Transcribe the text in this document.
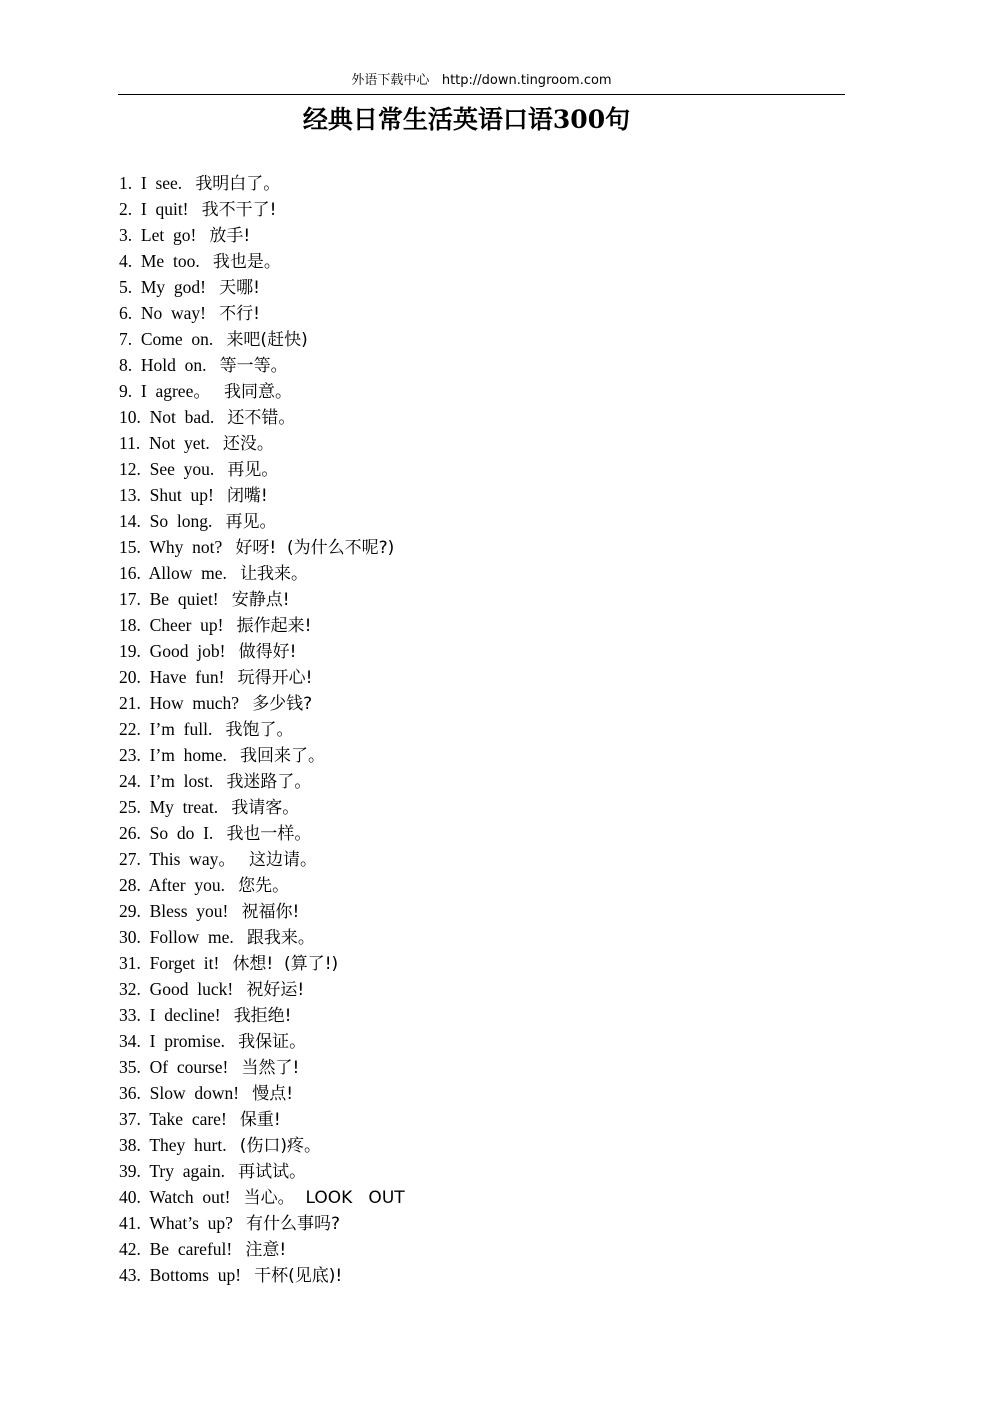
外语下载中心 http://down.tingroom.com
经典日常生活英语口语300句
1. I  see. 我明白了。
2. I  quit! 我不干了!
3. Let  go! 放手!
4. Me  too. 我也是。
5. My  god! 天哪!
6. No  way! 不行!
7. Come  on. 来吧(赶快)
8. Hold  on. 等一等。
9. I  agree。 我同意。
10. Not  bad. 还不错。
11. Not  yet. 还没。
12. See  you. 再见。
13. Shut  up! 闭嘴!
14. So  long. 再见。
15. Why  not? 好呀!  (为什么不呢?)
16. Allow  me. 让我来。
17. Be  quiet! 安静点!
18. Cheer  up! 振作起来!
19. Good  job! 做得好!
20. Have  fun! 玩得开心!
21. How  much? 多少钱?
22. I’m  full. 我饱了。
23. I’m  home. 我回来了。
24. I’m  lost. 我迷路了。
25. My  treat. 我请客。
26. So  do  I. 我也一样。
27. This  way。 这边请。
28. After  you. 您先。
29. Bless  you! 祝福你!
30. Follow  me. 跟我来。
31. Forget  it! 休想!  (算了!)
32. Good  luck! 祝好运!
33. I  decline! 我拒绝!
34. I  promise. 我保证。
35. Of  course! 当然了!
36. Slow  down! 慢点!
37. Take  care! 保重!
38. They  hurt. (伤口)疼。
39. Try  again. 再试试。
40. Watch  out! 当心。  LOOK   OUT
41. What’s  up? 有什么事吗?
42. Be  careful! 注意!
43. Bottoms  up! 干杯(见底)!
